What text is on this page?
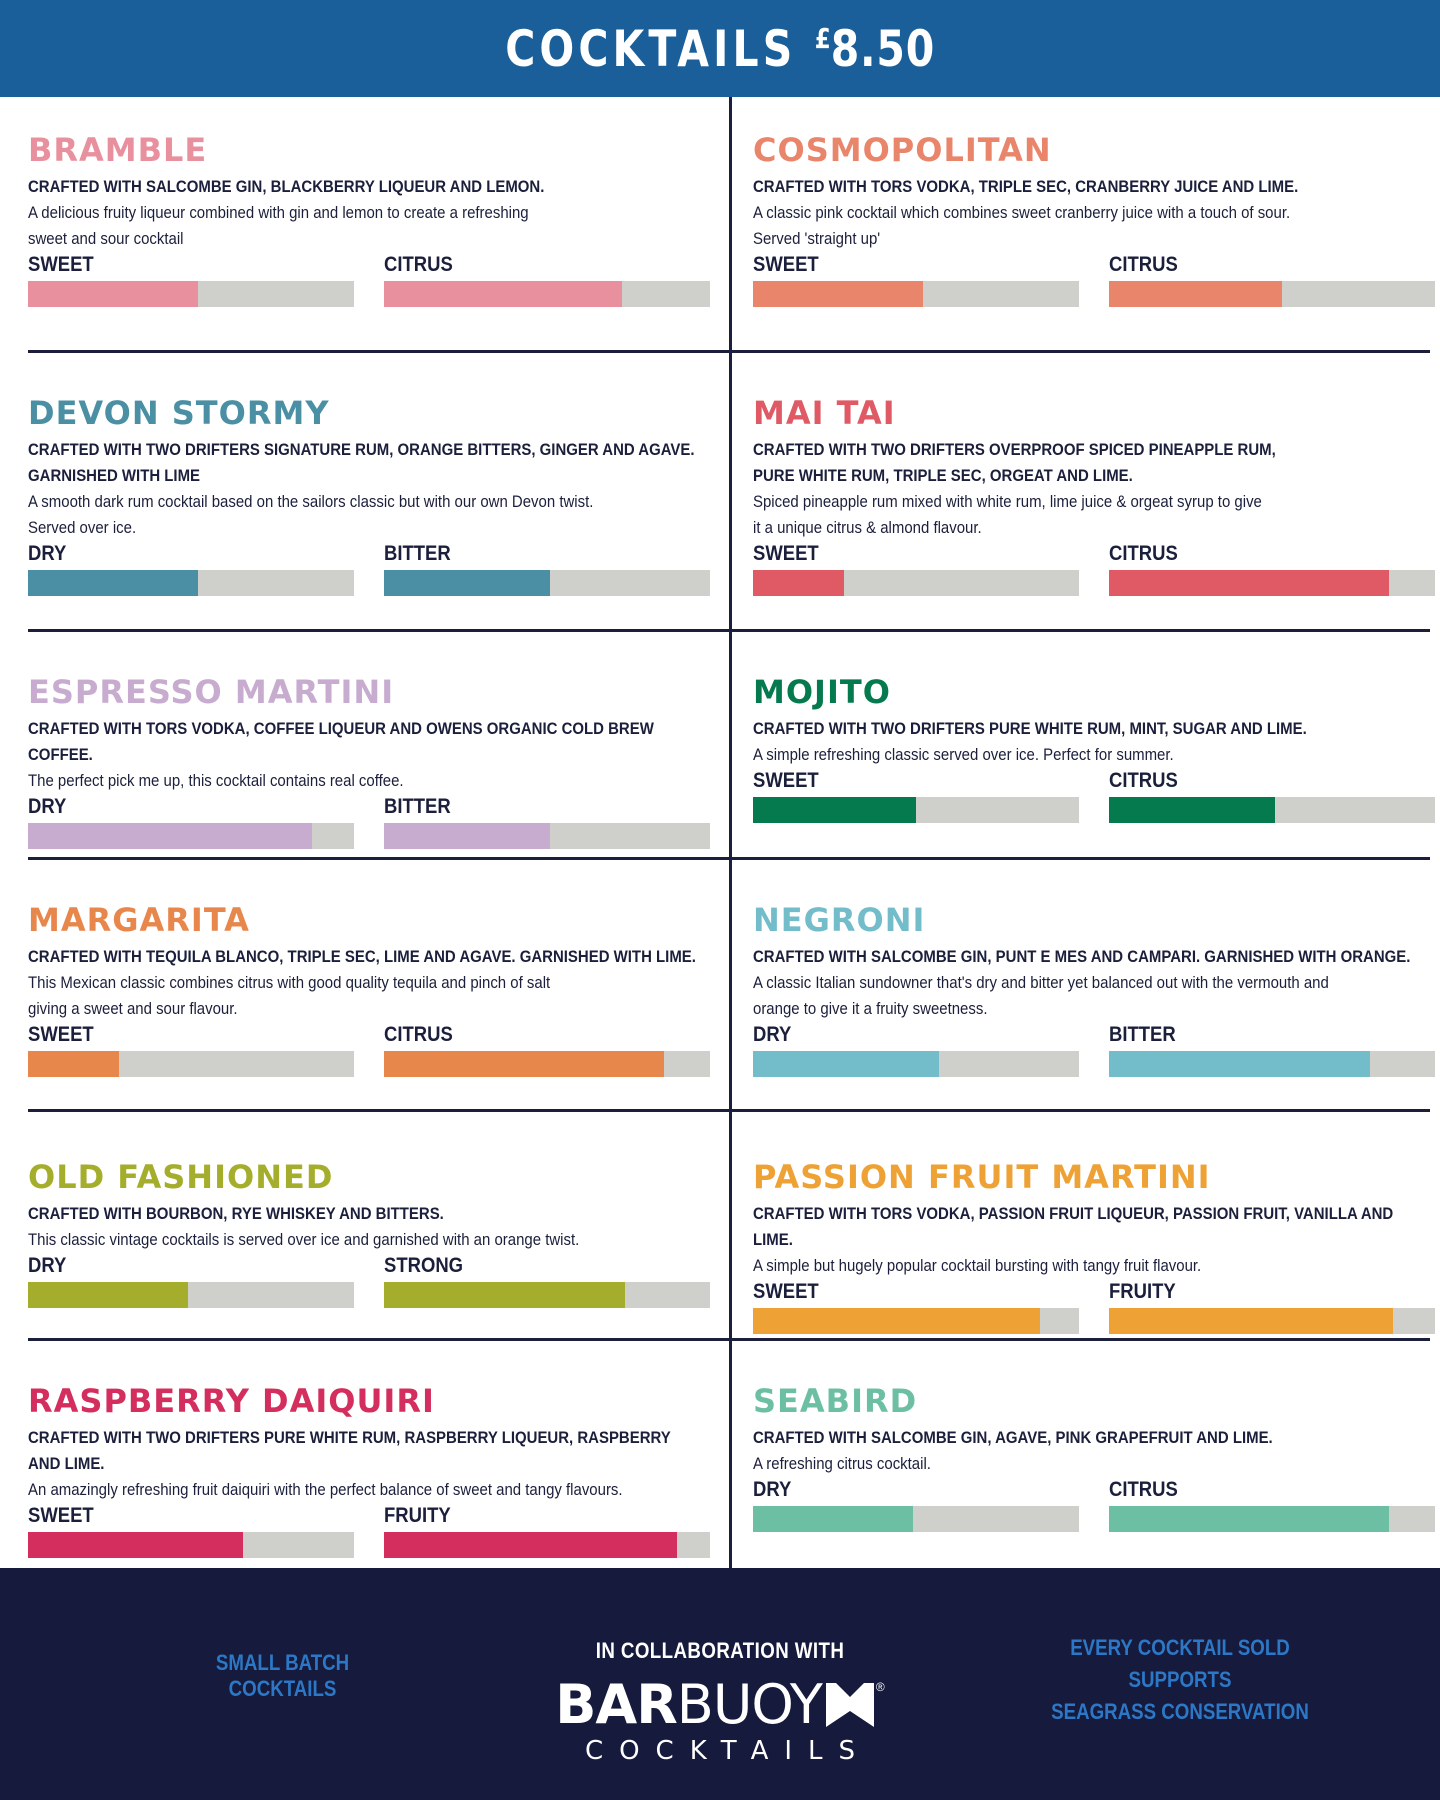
COCKTAILS £8.50
BRAMBLE
CRAFTED WITH SALCOMBE GIN, BLACKBERRY LIQUEUR AND LEMON.
A delicious fruity liqueur combined with gin and lemon to create a refreshing
sweet and sour cocktail
SWEET	CITRUS
COSMOPOLITAN
CRAFTED WITH TORS VODKA, TRIPLE SEC, CRANBERRY JUICE AND LIME.
A classic pink cocktail which combines sweet cranberry juice with a touch of sour.
Served 'straight up'
SWEET	CITRUS
DEVON STORMY
CRAFTED WITH TWO DRIFTERS SIGNATURE RUM, ORANGE BITTERS, GINGER AND AGAVE.
GARNISHED WITH LIME
A smooth dark rum cocktail based on the sailors classic but with our own Devon twist.
Served over ice.
DRY	BITTER
MAI TAI
CRAFTED WITH TWO DRIFTERS OVERPROOF SPICED PINEAPPLE RUM,
PURE WHITE RUM, TRIPLE SEC, ORGEAT AND LIME.
Spiced pineapple rum mixed with white rum, lime juice & orgeat syrup to give
it a unique citrus & almond flavour.
SWEET	CITRUS
ESPRESSO MARTINI
CRAFTED WITH TORS VODKA, COFFEE LIQUEUR AND OWENS ORGANIC COLD BREW COFFEE.
The perfect pick me up, this cocktail contains real coffee.
DRY	BITTER
MOJITO
CRAFTED WITH TWO DRIFTERS PURE WHITE RUM, MINT, SUGAR AND LIME.
A simple refreshing classic served over ice. Perfect for summer.
SWEET	CITRUS
MARGARITA
CRAFTED WITH TEQUILA BLANCO, TRIPLE SEC, LIME AND AGAVE. GARNISHED WITH LIME.
This Mexican classic combines citrus with good quality tequila and pinch of salt
giving a sweet and sour flavour.
SWEET	CITRUS
NEGRONI
CRAFTED WITH SALCOMBE GIN, PUNT E MES AND CAMPARI. GARNISHED WITH ORANGE.
A classic Italian sundowner that's dry and bitter yet balanced out with the vermouth and
orange to give it a fruity sweetness.
DRY	BITTER
OLD FASHIONED
CRAFTED WITH BOURBON, RYE WHISKEY AND BITTERS.
This classic vintage cocktails is served over ice and garnished with an orange twist.
DRY	STRONG
PASSION FRUIT MARTINI
CRAFTED WITH TORS VODKA, PASSION FRUIT LIQUEUR, PASSION FRUIT, VANILLA AND LIME.
A simple but hugely popular cocktail bursting with tangy fruit flavour.
SWEET	FRUITY
RASPBERRY DAIQUIRI
CRAFTED WITH TWO DRIFTERS PURE WHITE RUM, RASPBERRY LIQUEUR, RASPBERRY AND LIME.
An amazingly refreshing fruit daiquiri with the perfect balance of sweet and tangy flavours.
SWEET	FRUITY
SEABIRD
CRAFTED WITH SALCOMBE GIN, AGAVE, PINK GRAPEFRUIT AND LIME.
A refreshing citrus cocktail.
DRY	CITRUS
SMALL BATCH COCKTAILS
IN COLLABORATION WITH
BAR BUOY	®
COCKTAILS
EVERY COCKTAIL SOLD SUPPORTS
SEAGRASS CONSERVATION
